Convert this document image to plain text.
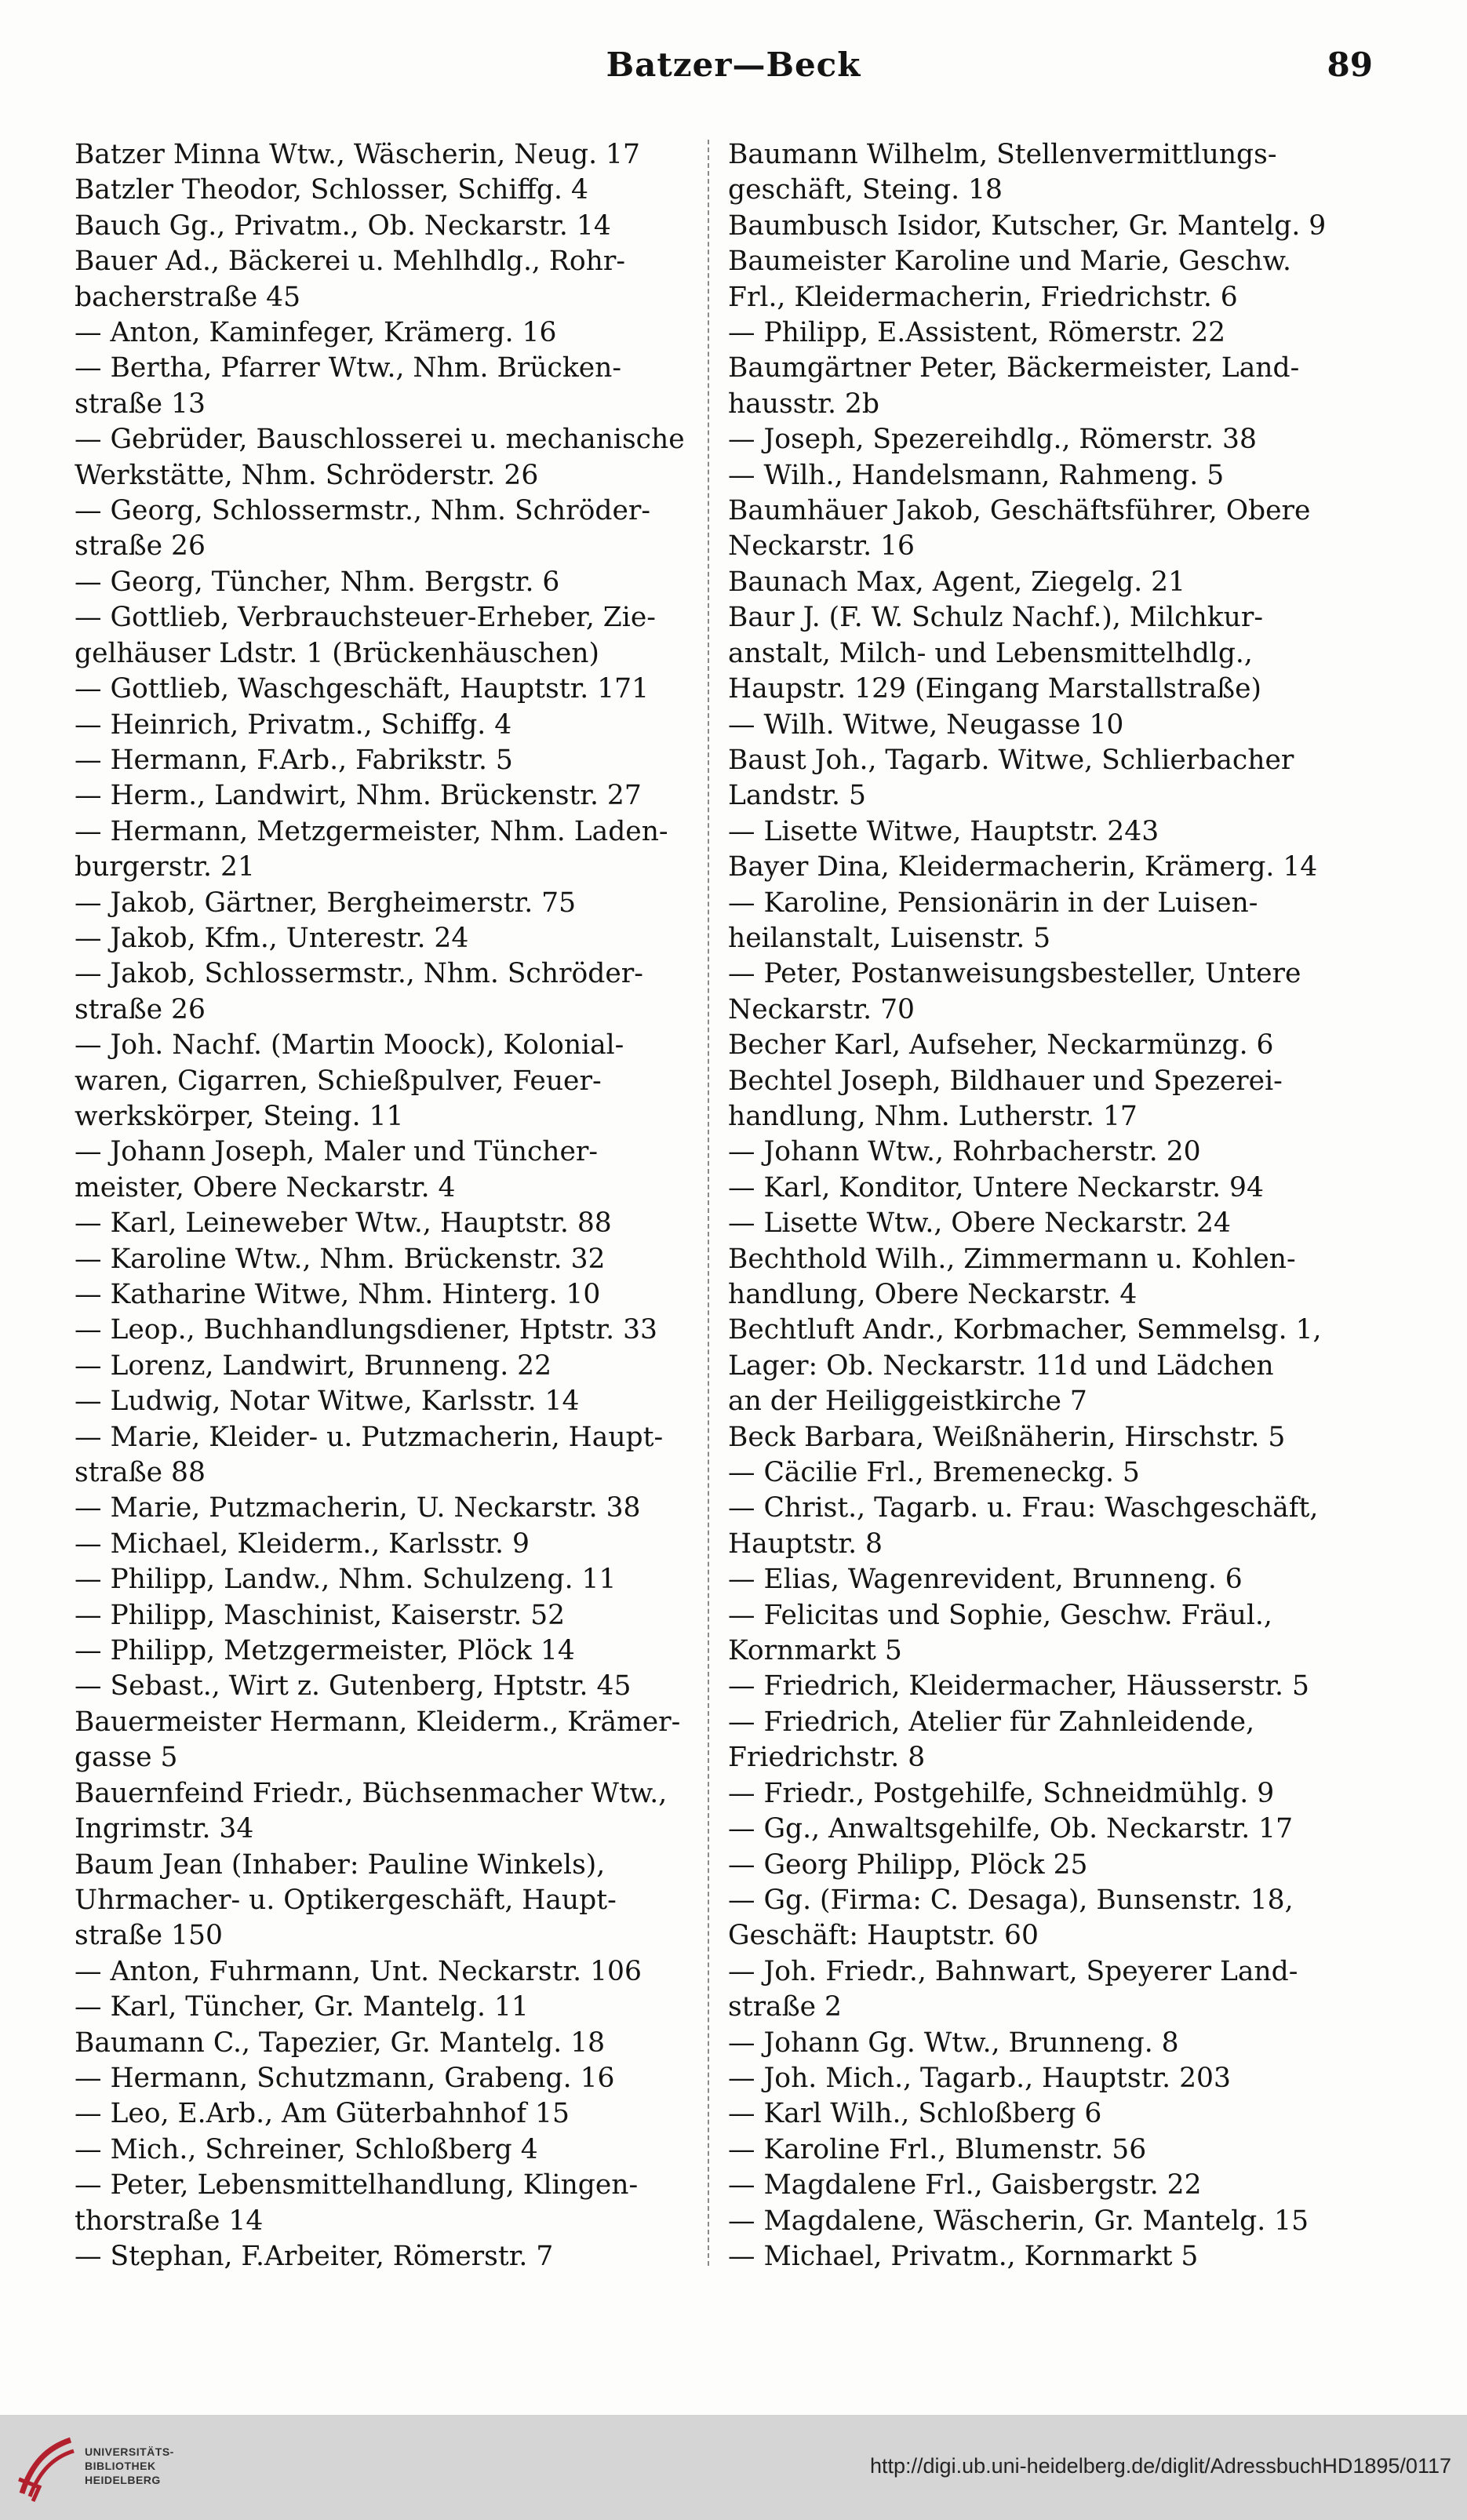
Batzer—Beck	89
Batzer Minna Wtw., Wäscherin, Neug. 17
Batzler Theodor, Schlosser, Schiffg. 4
Bauch Gg., Privatm., Ob. Neckarstr. 14
Bauer Ad., Bäckerei u. Mehlhdlg., Rohr-
bacherstraße 45
— Anton, Kaminfeger, Krämerg. 16
— Bertha, Pfarrer Wtw., Nhm. Brücken-
straße 13
— Gebrüder, Bauschlosserei u. mechanische
Werkstätte, Nhm. Schröderstr. 26
— Georg, Schlossermstr., Nhm. Schröder-
straße 26
— Georg, Tüncher, Nhm. Bergstr. 6
— Gottlieb, Verbrauchsteuer-Erheber, Zie-
gelhäuser Ldstr. 1 (Brückenhäuschen)
— Gottlieb, Waschgeschäft, Hauptstr. 171
— Heinrich, Privatm., Schiffg. 4
— Hermann, F.Arb., Fabrikstr. 5
— Herm., Landwirt, Nhm. Brückenstr. 27
— Hermann, Metzgermeister, Nhm. Laden-
burgerstr. 21
— Jakob, Gärtner, Bergheimerstr. 75
— Jakob, Kfm., Unterestr. 24
— Jakob, Schlossermstr., Nhm. Schröder-
straße 26
— Joh. Nachf. (Martin Moock), Kolonial-
waren, Cigarren, Schießpulver, Feuer-
werkskörper, Steing. 11
— Johann Joseph, Maler und Tüncher-
meister, Obere Neckarstr. 4
— Karl, Leineweber Wtw., Hauptstr. 88
— Karoline Wtw., Nhm. Brückenstr. 32
— Katharine Witwe, Nhm. Hinterg. 10
— Leop., Buchhandlungsdiener, Hptstr. 33
— Lorenz, Landwirt, Brunneng. 22
— Ludwig, Notar Witwe, Karlsstr. 14
— Marie, Kleider- u. Putzmacherin, Haupt-
straße 88
— Marie, Putzmacherin, U. Neckarstr. 38
— Michael, Kleiderm., Karlsstr. 9
— Philipp, Landw., Nhm. Schulzeng. 11
— Philipp, Maschinist, Kaiserstr. 52
— Philipp, Metzgermeister, Plöck 14
— Sebast., Wirt z. Gutenberg, Hptstr. 45
Bauermeister Hermann, Kleiderm., Krämer-
gasse 5
Bauernfeind Friedr., Büchsenmacher Wtw.,
Ingrimstr. 34
Baum Jean (Inhaber: Pauline Winkels),
Uhrmacher- u. Optikergeschäft, Haupt-
straße 150
— Anton, Fuhrmann, Unt. Neckarstr. 106
— Karl, Tüncher, Gr. Mantelg. 11
Baumann C., Tapezier, Gr. Mantelg. 18
— Hermann, Schutzmann, Grabeng. 16
— Leo, E.Arb., Am Güterbahnhof 15
— Mich., Schreiner, Schloßberg 4
— Peter, Lebensmittelhandlung, Klingen-
thorstraße 14
— Stephan, F.Arbeiter, Römerstr. 7
Baumann Wilhelm, Stellenvermittlungs-
geschäft, Steing. 18
Baumbusch Isidor, Kutscher, Gr. Mantelg. 9
Baumeister Karoline und Marie, Geschw.
Frl., Kleidermacherin, Friedrichstr. 6
— Philipp, E.Assistent, Römerstr. 22
Baumgärtner Peter, Bäckermeister, Land-
hausstr. 2b
— Joseph, Spezereihdlg., Römerstr. 38
— Wilh., Handelsmann, Rahmeng. 5
Baumhäuer Jakob, Geschäftsführer, Obere
Neckarstr. 16
Baunach Max, Agent, Ziegelg. 21
Baur J. (F. W. Schulz Nachf.), Milchkur-
anstalt, Milch- und Lebensmittelhdlg.,
Haupstr. 129 (Eingang Marstallstraße)
— Wilh. Witwe, Neugasse 10
Baust Joh., Tagarb. Witwe, Schlierbacher
Landstr. 5
— Lisette Witwe, Hauptstr. 243
Bayer Dina, Kleidermacherin, Krämerg. 14
— Karoline, Pensionärin in der Luisen-
heilanstalt, Luisenstr. 5
— Peter, Postanweisungsbesteller, Untere
Neckarstr. 70
Becher Karl, Aufseher, Neckarmünzg. 6
Bechtel Joseph, Bildhauer und Spezerei-
handlung, Nhm. Lutherstr. 17
— Johann Wtw., Rohrbacherstr. 20
— Karl, Konditor, Untere Neckarstr. 94
— Lisette Wtw., Obere Neckarstr. 24
Bechthold Wilh., Zimmermann u. Kohlen-
handlung, Obere Neckarstr. 4
Bechtluft Andr., Korbmacher, Semmelsg. 1,
Lager: Ob. Neckarstr. 11d und Lädchen
an der Heiliggeistkirche 7
Beck Barbara, Weißnäherin, Hirschstr. 5
— Cäcilie Frl., Bremeneckg. 5
— Christ., Tagarb. u. Frau: Waschgeschäft,
Hauptstr. 8
— Elias, Wagenrevident, Brunneng. 6
— Felicitas und Sophie, Geschw. Fräul.,
Kornmarkt 5
— Friedrich, Kleidermacher, Häusserstr. 5
— Friedrich, Atelier für Zahnleidende,
Friedrichstr. 8
— Friedr., Postgehilfe, Schneidmühlg. 9
— Gg., Anwaltsgehilfe, Ob. Neckarstr. 17
— Georg Philipp, Plöck 25
— Gg. (Firma: C. Desaga), Bunsenstr. 18,
Geschäft: Hauptstr. 60
— Joh. Friedr., Bahnwart, Speyerer Land-
straße 2
— Johann Gg. Wtw., Brunneng. 8
— Joh. Mich., Tagarb., Hauptstr. 203
— Karl Wilh., Schloßberg 6
— Karoline Frl., Blumenstr. 56
— Magdalene Frl., Gaisbergstr. 22
— Magdalene, Wäscherin, Gr. Mantelg. 15
— Michael, Privatm., Kornmarkt 5
UNIVERSITÄTS-
BIBLIOTHEK
HEIDELBERG
http://digi.ub.uni-heidelberg.de/diglit/AdressbuchHD1895/0117
